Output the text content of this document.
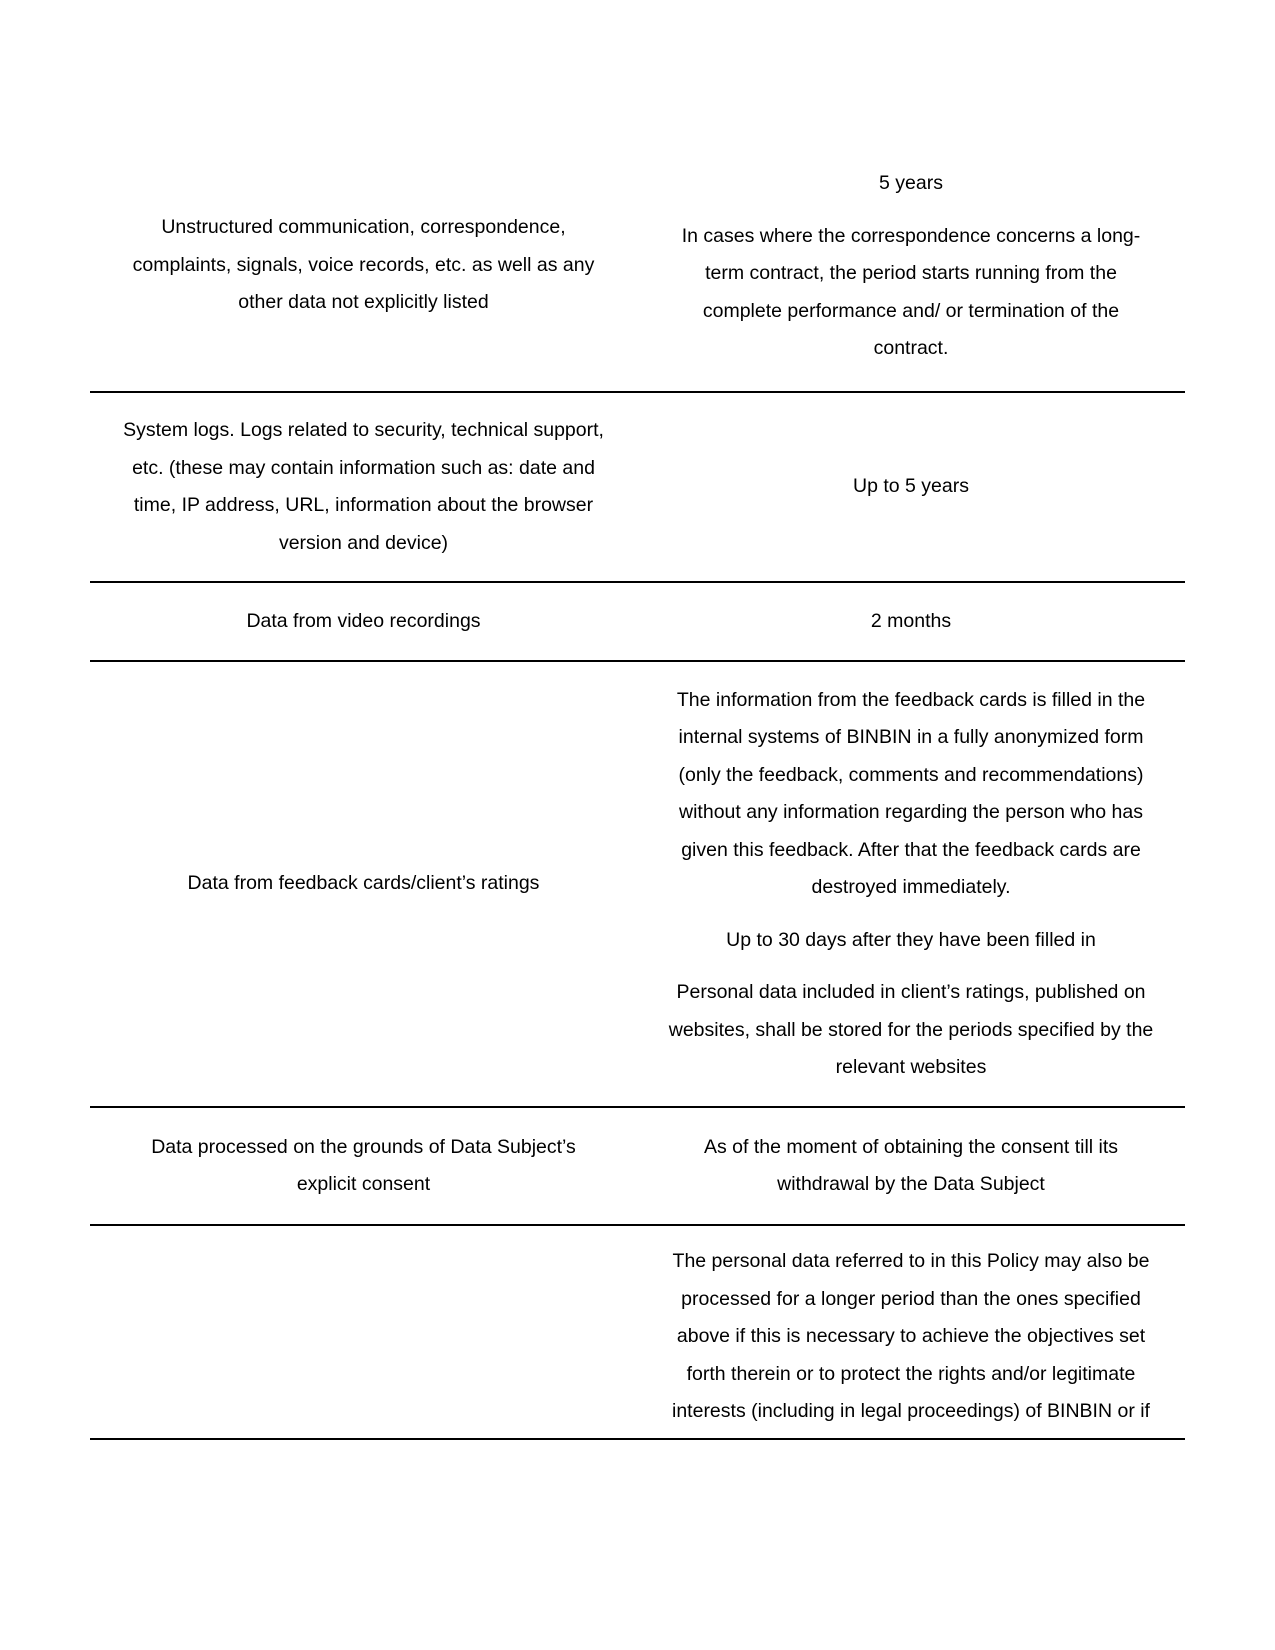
Unstructured communication, correspondence, complaints, signals, voice records, etc. as well as any other data not explicitly listed

5 years

In cases where the correspondence concerns a long-term contract, the period starts running from the complete performance and/ or termination of the contract.

System logs. Logs related to security, technical support, etc. (these may contain information such as: date and time, IP address, URL, information about the browser version and device)

Up to 5 years

Data from video recordings	2 months

Data from feedback cards/client’s ratings

The information from the feedback cards is filled in the internal systems of BINBIN in a fully anonymized form (only the feedback, comments and recommendations) without any information regarding the person who has given this feedback. After that the feedback cards are destroyed immediately.

Up to 30 days after they have been filled in

Personal data included in client’s ratings, published on websites, shall be stored for the periods specified by the relevant websites

Data processed on the grounds of Data Subject’s explicit consent

As of the moment of obtaining the consent till its withdrawal by the Data Subject

The personal data referred to in this Policy may also be processed for a longer period than the ones specified above if this is necessary to achieve the objectives set forth therein or to protect the rights and/or legitimate interests (including in legal proceedings) of BINBIN or if
